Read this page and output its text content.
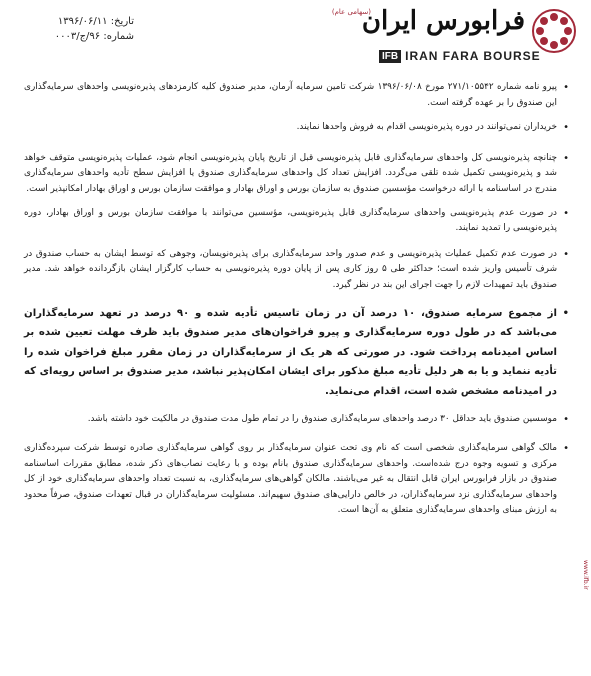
فرابورس ایران
(سهامی عام)
IFB IRAN FARA BOURSE
تاریخ: ۱۳۹۶/۰۶/۱۱
شماره: ۹۶/ج/۰۰۰۳

• پیرو نامه شماره ۲۷۱/۱۰۵۵۴۲ مورخ ۱۳۹۶/۰۶/۰۸ شرکت تامین سرمایه آرمان، مدیر صندوق کلیه کارمزدهای پذیره‌نویسی واحدهای سرمایه‌گذاری این صندوق را بر عهده گرفته است.

• خریداران نمی‌توانند در دوره پذیره‌نویسی اقدام به فروش واحدها نمایند.

• چنانچه پذیره‌نویسی کل واحدهای سرمایه‌گذاری قابل پذیره‌نویسی قبل از تاریخ پایان پذیره‌نویسی انجام شود، عملیات پذیره‌نویسی متوقف خواهد شد و پذیره‌نویسی تکمیل شده تلقی می‌گردد. افزایش تعداد کل واحدهای سرمایه‌گذاری صندوق یا افزایش سطح تأدیه واحدهای سرمایه‌گذاری مندرج در اساسنامه با ارائه درخواست مؤسسین صندوق به سازمان بورس و اوراق بهادار و موافقت سازمان بورس و اوراق بهادار امکانپذیر است.

• در صورت عدم پذیره‌نویسی واحدهای سرمایه‌گذاری قابل پذیره‌نویسی، مؤسسین می‌توانند با موافقت سازمان بورس و اوراق بهادار، دوره پذیره‌نویسی را تمدید نمایند.

• در صورت عدم تکمیل عملیات پذیره‌نویسی و عدم صدور واحد سرمایه‌گذاری برای پذیره‌نویسان، وجوهی که توسط ایشان به حساب صندوق در شرف تأسیس واریز شده است؛ حداکثر طی ۵ روز کاری پس از پایان دوره پذیره‌نویسی به حساب کارگزار ایشان بازگردانده خواهد شد. مدیر صندوق باید تمهیدات لازم را جهت اجرای این بند در نظر گیرد.

• از مجموع سرمایه صندوق، ۱۰ درصد آن در زمان تاسیس تأدیه شده و ۹۰ درصد در تعهد سرمایه‌گذاران می‌باشد که در طول دوره سرمایه‌گذاری و پیرو فراخوان‌های مدیر صندوق باید ظرف مهلت تعیین شده بر اساس امیدنامه پرداخت شود. در صورتی که هر یک از سرمایه‌گذاران در زمان مقرر مبلغ فراخوان شده را تأدیه ننماید و یا به هر دلیل تأدیه مبلغ مذکور برای ایشان امکان‌پذیر نباشد، مدیر صندوق بر اساس رویه‌ای که در امیدنامه مشخص شده است، اقدام می‌نماید.

• موسسین صندوق باید حداقل ۳۰ درصد واحدهای سرمایه‌گذاری صندوق را در تمام طول مدت صندوق در مالکیت خود داشته باشد.

• مالک گواهی سرمایه‌گذاری شخصی است که نام وی تحت عنوان سرمایه‌گذار بر روی گواهی سرمایه‌گذاری صادره توسط شرکت سپرده‌گذاری مرکزی و تسویه وجوه درج شده‌است. واحدهای سرمایه‌گذاری صندوق بانام بوده و با رعایت نصاب‌های ذکر شده، مطابق مقررات اساسنامه صندوق در بازار فرابورس ایران قابل انتقال به غیر می‌باشند. مالکان گواهی‌های سرمایه‌گذاری، به نسبت تعداد واحدهای سرمایه‌گذاری خود از کل واحدهای سرمایه‌گذاری نزد سرمایه‌گذاران، در خالص دارایی‌های صندوق سهیم‌اند. مسئولیت سرمایه‌گذاران در قبال تعهدات صندوق، صرفاً محدود به ارزش مبنای واحدهای سرمایه‌گذاری متعلق به آن‌ها است.

www.ifb.ir
